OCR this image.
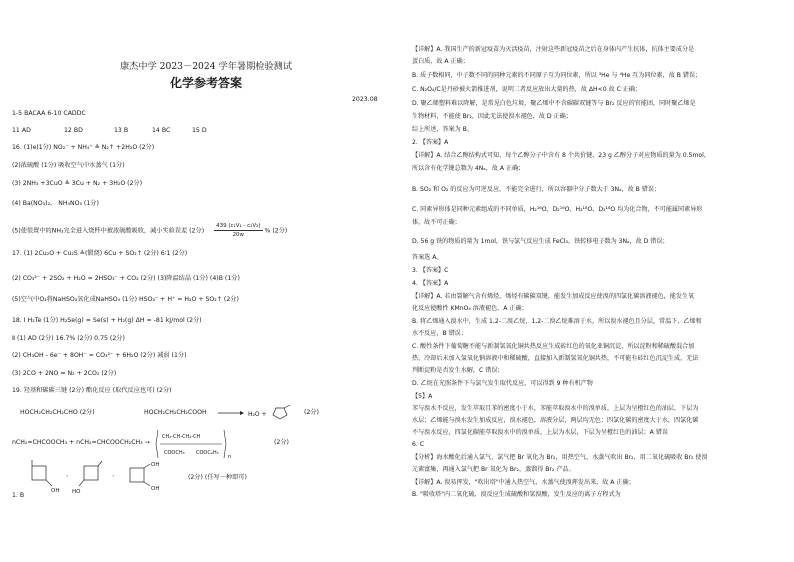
康杰中学 2023－2024 学年暑期检验测试
化学参考答案
2023.08
1-5 BACAA 6-10 CADDC
11 AD	12 BD	13 B	14 BC	15 D
16. (1)e(1分) NO₂⁻ + NH₄⁺ ≜ N₂↑ +2H₂O (2分)
(2)浓硫酸 (1分) 吸收空气中水蒸气 (1分)
(3) 2NH₃ +3CuO ≜ 3Cu + N₂ + 3H₂O (2分)
(4) Ba(NO₃)₂， NH₄NO₃ (1分)
(5)使装置中的NH₃完全进入烧杯中被浓硫酸吸收，减小实验误差 (2分) $\frac{\text{439 (c₁V₁ - c₂V₂)}}{20w}$ % (2分)
17. (1) 2Cu₂O + Cu₂S ≜(锻烧) 6Cu + SO₂↑ (2分) 6∶1 (2分)
(2) CO₃²⁻ + 2SO₂ + H₂O = 2HSO₃⁻ + CO₂ (2分) (3)降温结晶 (1分) (4)B (1分)
(5)空气中O₂将NaHSO₃氧化成NaHSO₄ (1分) HSO₃⁻ + H⁺ = H₂O + SO₂↑ (2分)
18. Ⅰ H₂Te (1分) H₂Se(g) = Se(s) + H₂(g) ΔH = -81 kJ/mol (2分)
Ⅱ (1) AD (2分) 16.7% (2分) 0.75 (2分)
(2) CH₃OH - 6e⁻ + 8OH⁻ = CO₃²⁻ + 6H₂O (2分) 减弱 (1分)
(3) 2CO + 2NO = N₂ + 2CO₂ (2分)
19. 羟基和碳碳三键 (2分) 酯化反应 (取代反应也可) (2分)
HOCH₂CH₂CH₂CHO (2分)	HOCH₂CH₂CH₂COOH	H₂O +	(2分)
nCH₂=CHCOOCH₃ + nCH₂=CHCOOCH₂CH₃ →
CH₂-CH-CH₂-CH
COOCH₃ COOC₂H₅
n
(2分)
OH
、
HO
、
OH
OH
(2分) (任写一种即可)
1. B
【详解】A. 我国生产的新冠疫苗为灭活疫苗，注射这些新冠疫苗之后在身体内产生抗体，抗体主要成分是
蛋白质，故 A 正确；
B. 质子数相同，中子数不同的同种元素的不同原子互为同位素，所以 ³He 与 ⁴He 互为同位素，故 B 错误；
C. N₂O₄/C是丹砂被火箭推进剂，说明二者反应放出大量的热，故 ΔH<0 故 C 正确；
D. 聚乙烯塑料难以降解，是常见白色垃圾，聚乙烯中不含碳碳双键等与 Br₂ 反应的官能团，同时聚乙烯是
生物材料，不能使 Br₂，因此无法使溴水褪色，故 D 正确；
综上所述，答案为 B。
2. 【答案】A
【详解】A. 结合乙醇结构式可知，每个乙醇分子中含有 8 个共价键，23 g 乙醇分子对应物质的量为 0.5mol,
所以含有化学键总数为 4Nₐ，故 A 正确；
B. SO₂ 和 O₂ 的反应为可逆反应，不能完全进行，所以容器中分子数大于 3Nₐ，故 B 错误；
C. 同素异形体是同种元素组成的不同单质，H₂¹⁶O、D₂¹⁶O、H₂¹⁸O、D₂¹⁸O 均为化合物，不可能属同素异形
体，故不可正确；
D. 56 g 铁的物质的量为 1mol，铁与氯气反应生成 FeCl₃，铁转移电子数为 3Nₐ，故 D 错误；
答案选 A。
3. 【答案】C
4. 【答案】A
【详解】A. 若由裂解气含有烯烃，烯烃有碳碳双键，能发生加成反应使溴的四氯化碳溶液褪色，能发生氧
化反应使酸性 KMnO₄ 溶液褪色，A 正确；
B. 将乙烯通入溴水中，生成 1,2-二溴乙烷，1,2-二溴乙烷难溶于水，所以溴水褪色且分层，常温下，乙烯和
水不反应，B 错误；
C. 酸性条件下葡萄糖不能与新制氢氧化铜共热反应生成砖红色的氧化亚铜沉淀，所以淀粉和稀硫酸混合加
热，冷却后未加入氢氧化钠溶液中和稀硫酸，直接加入新制氢氧化铜共热，不可能有砖红色沉淀生成，无法
判断淀粉是否发生水解，C 错误；
D. 乙烷在光照条件下与氯气发生取代反应，可以得到 9 种有机产物
【5】A
苯与溴水不反应，发生萃取且苯的密度小于水，苯能萃取溴水中的溴单质，上层为呈橙红色的油层，下层为
水层；乙烯能与溴水发生加成反应，溴水褪色，溶液分层，两层均无色；四氯化碳的密度大于水，四氯化碳
不与溴水反应，四氯化碳能萃取溴水中的溴单质，上层为水层，下层为呈橙红色的油层；A 错误
6. C
【分析】海水酸化后通入氯气，氯气把 Br 氧化为 Br₂，用热空气、水蒸气吹出 Br₂，用二氧化硫吸收 Br₂ 使溴
元素富集，再通入氯气把 Br 氧化为 Br₂，蒸馏得 Br₂ 产品。
【详解】A. 溴易挥发，"吹出塔"中通入热空气、水蒸气使溴挥发出来，故 A 正确；
B. "吸收塔"内二氧化硫、溴反应生成硫酸和氢溴酸，发生反应的离子方程式为
